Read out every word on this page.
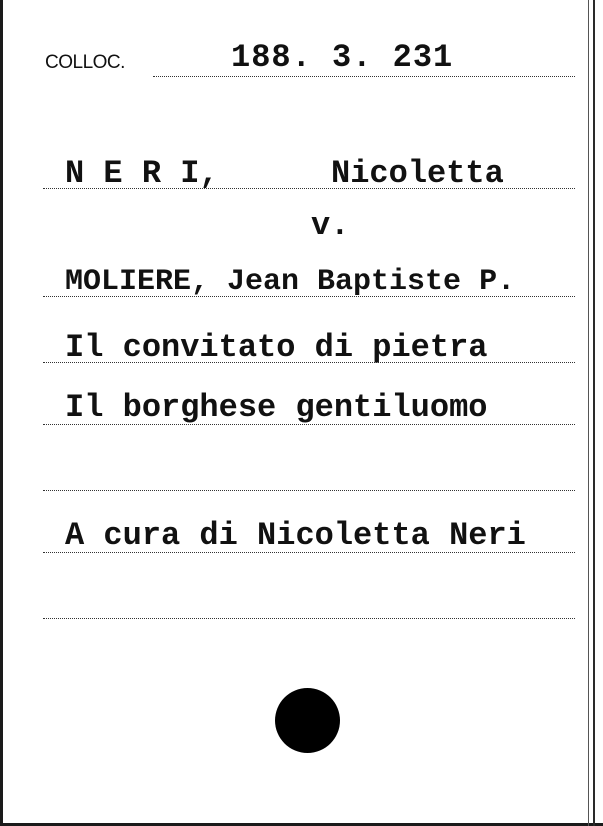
COLLOC.	188. 3. 231
N E R I,	Nicoletta
v.
MOLIERE, Jean Baptiste P.
Il convitato di pietra
Il borghese gentiluomo
A cura di Nicoletta Neri
